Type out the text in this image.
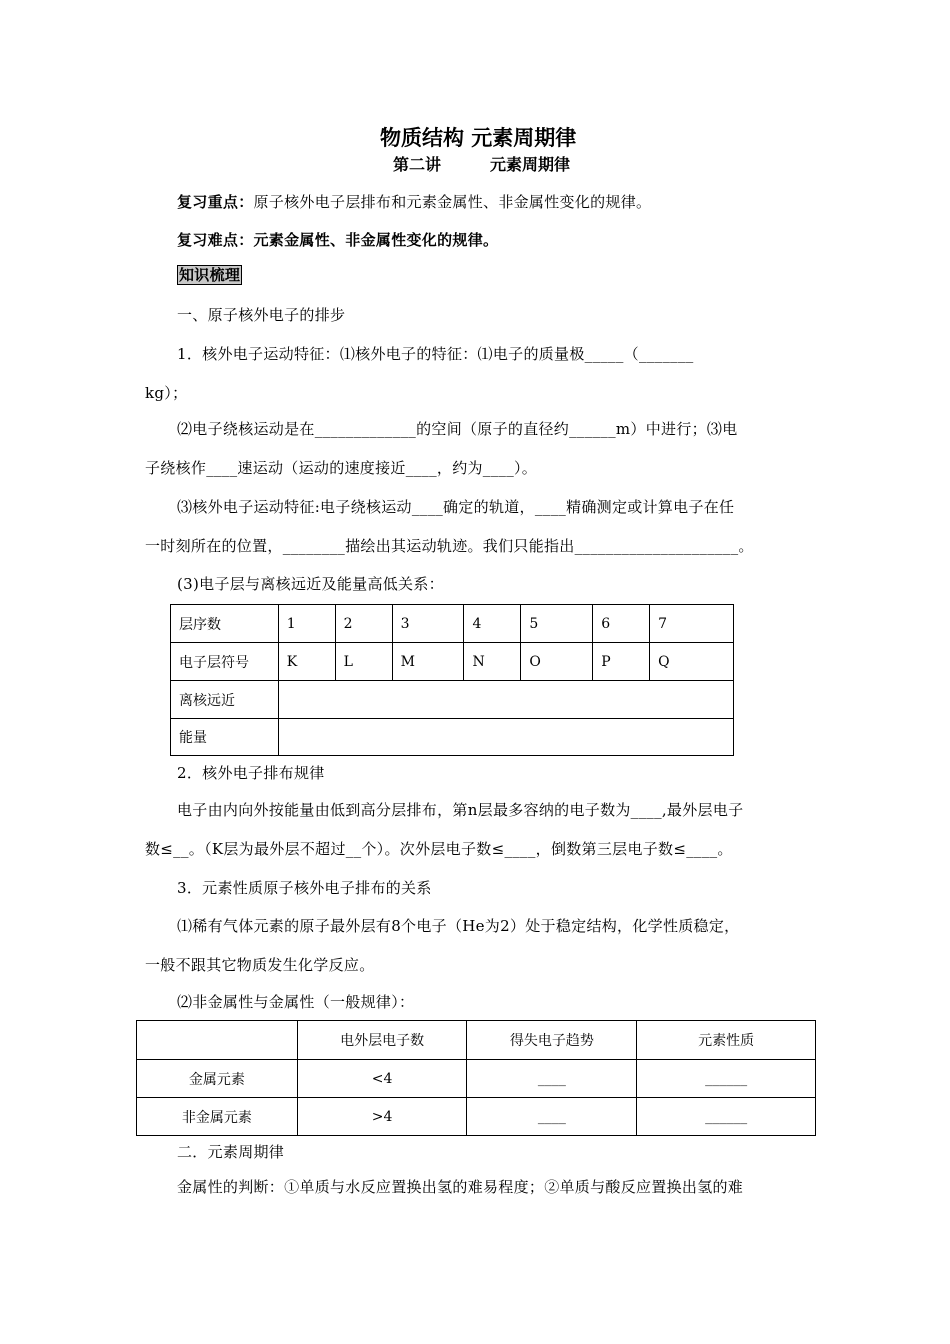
物质结构 元素周期律
第二讲	元素周期律
复习重点：原子核外电子层排布和元素金属性、非金属性变化的规律。
复习难点：元素金属性、非金属性变化的规律。
知识梳理
一、原子核外电子的排步
1．核外电子运动特征：⑴核外电子的特征：⑴电子的质量极_____（_______
kg）；
⑵电子绕核运动是在_____________的空间（原子的直径约______m）中进行；⑶电
子绕核作____速运动（运动的速度接近____，约为____）。
⑶核外电子运动特征:电子绕核运动____确定的轨道，____精确测定或计算电子在任
一时刻所在的位置，________描绘出其运动轨迹。我们只能指出_____________________。
(3)电子层与离核远近及能量高低关系：
层序数	1	2	3	4	5	6	7
电子层符号	K	L	M	N	O	P	Q
离核远近							
能量							
2．核外电子排布规律
电子由内向外按能量由低到高分层排布，第n层最多容纳的电子数为____,最外层电子
数≤__。（K层为最外层不超过__个）。次外层电子数≤____，倒数第三层电子数≤____。
3．元素性质原子核外电子排布的关系
⑴稀有气体元素的原子最外层有8个电子（He为2）处于稳定结构，化学性质稳定，
一般不跟其它物质发生化学反应。
⑵非金属性与金属性（一般规律）：
	电外层电子数	得失电子趋势	元素性质
金属元素	<4	____	______
非金属元素	>4	____	______
二．元素周期律
金属性的判断：①单质与水反应置换出氢的难易程度；②单质与酸反应置换出氢的难
